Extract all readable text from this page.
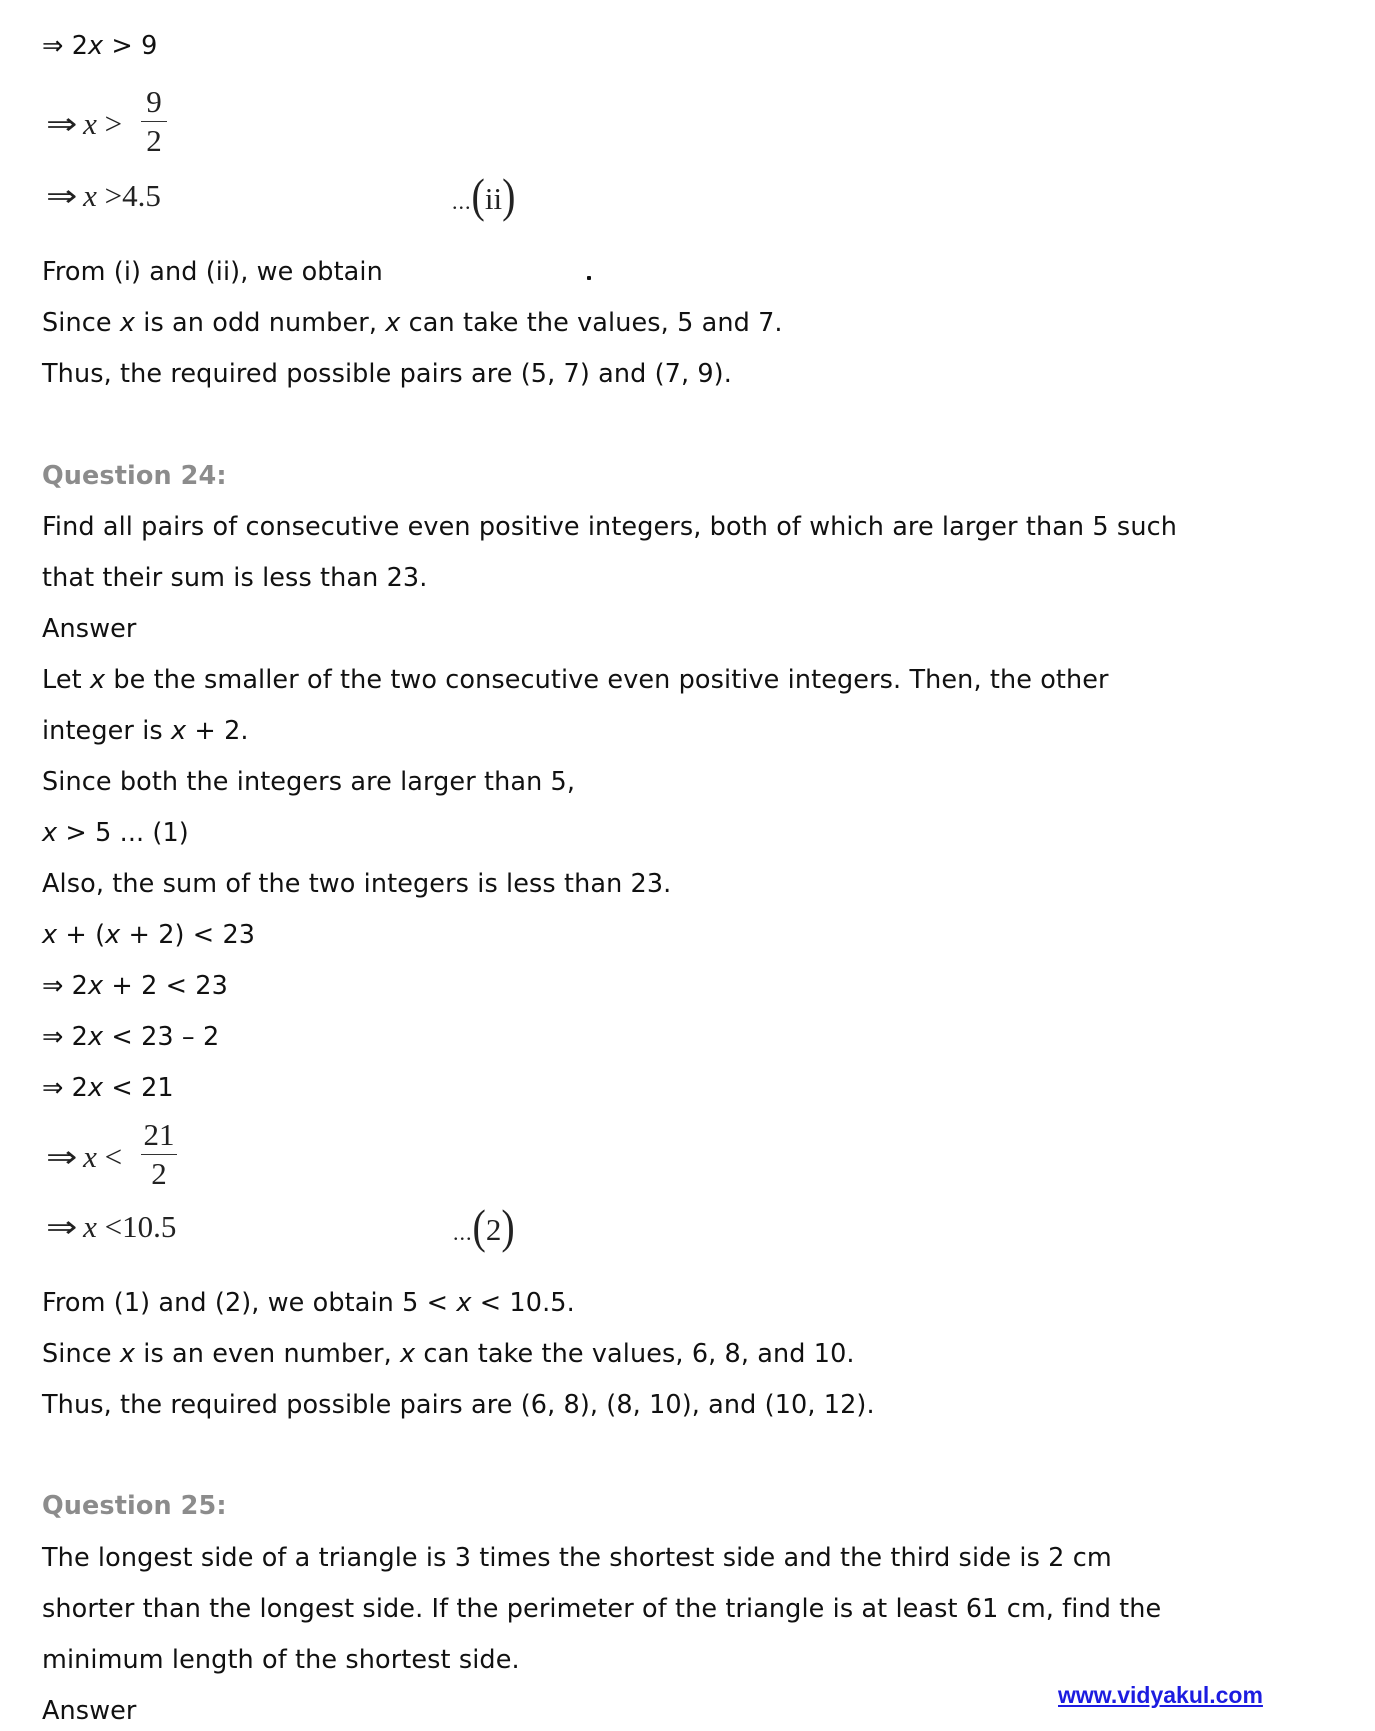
⇒ 2x > 9
⇒ x >
9
2
⇒ x >4.5	...(ii)
From (i) and (ii), we obtain
Since x is an odd number, x can take the values, 5 and 7.
Thus, the required possible pairs are (5, 7) and (7, 9).
Question 24:
Find all pairs of consecutive even positive integers, both of which are larger than 5 such
that their sum is less than 23.
Answer
Let x be the smaller of the two consecutive even positive integers. Then, the other
integer is x + 2.
Since both the integers are larger than 5,
x > 5 ... (1)
Also, the sum of the two integers is less than 23.
x + (x + 2) < 23
⇒ 2x + 2 < 23
⇒ 2x < 23 – 2
⇒ 2x < 21
⇒ x <
21
2
⇒ x <10.5	...(2)
From (1) and (2), we obtain 5 < x < 10.5.
Since x is an even number, x can take the values, 6, 8, and 10.
Thus, the required possible pairs are (6, 8), (8, 10), and (10, 12).
Question 25:
The longest side of a triangle is 3 times the shortest side and the third side is 2 cm
shorter than the longest side. If the perimeter of the triangle is at least 61 cm, find the
minimum length of the shortest side.
Answer
www.vidyakul.com
